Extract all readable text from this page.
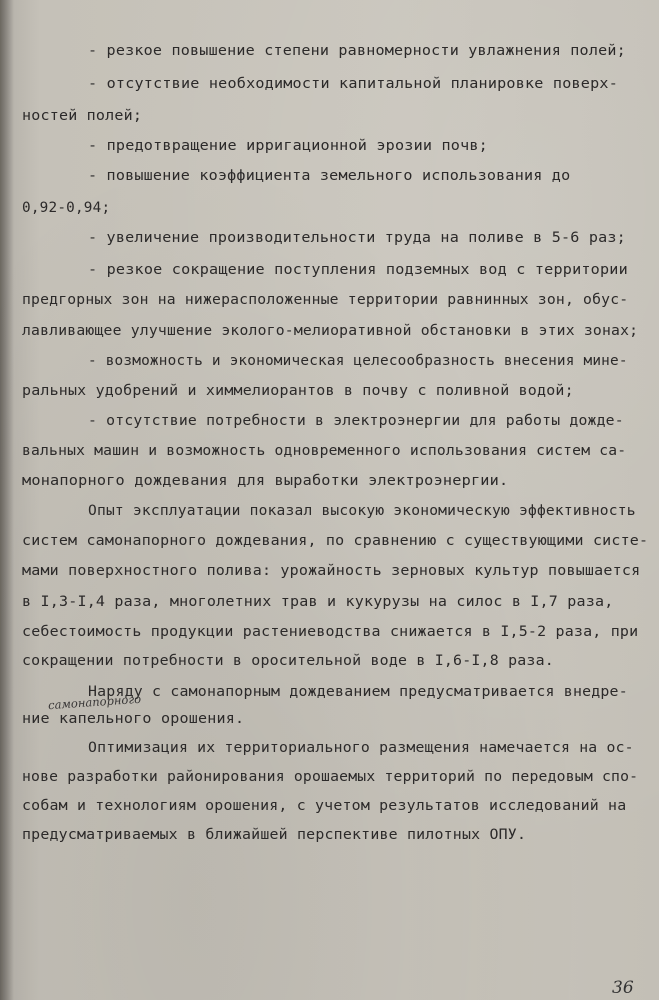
- резкое повышение степени равномерности увлажнения полей;
- отсутствие необходимости капитальной планировке поверх-
ностей полей;
- предотвращение ирригационной эрозии почв;
- повышение коэффициента земельного использования до
0,92-0,94;
- увеличение производительности труда на поливе в 5-6 раз;
- резкое сокращение поступления подземных вод с территории
предгорных зон на нижерасположенные территории равнинных зон, обус-
лавливающее улучшение эколого-мелиоративной обстановки в этих зонах;
- возможность и экономическая целесообразность внесения мине-
ральных удобрений и химмелиорантов в почву с поливной водой;
- отсутствие потребности в электроэнергии для работы дожде-
вальных машин и возможность одновременного использования систем са-
монапорного дождевания для выработки электроэнергии.
Опыт эксплуатации показал высокую экономическую эффективность
систем самонапорного дождевания, по сравнению с существующими систе-
мами поверхностного полива: урожайность зерновых культур повышается
в I,3-I,4 раза, многолетних трав и кукурузы на силос в I,7 раза,
себестоимость продукции растениеводства снижается в I,5-2 раза, при
сокращении потребности в оросительной воде в I,6-I,8 раза.
Наряду с самонапорным дождеванием предусматривается внедре-
самонапорного
ние капельного орошения.
Оптимизация их территориального размещения намечается на ос-
нове разработки районирования орошаемых территорий по передовым спо-
собам и технологиям орошения, с учетом результатов исследований на
предусматриваемых в ближайшей перспективе пилотных ОПУ.
36
